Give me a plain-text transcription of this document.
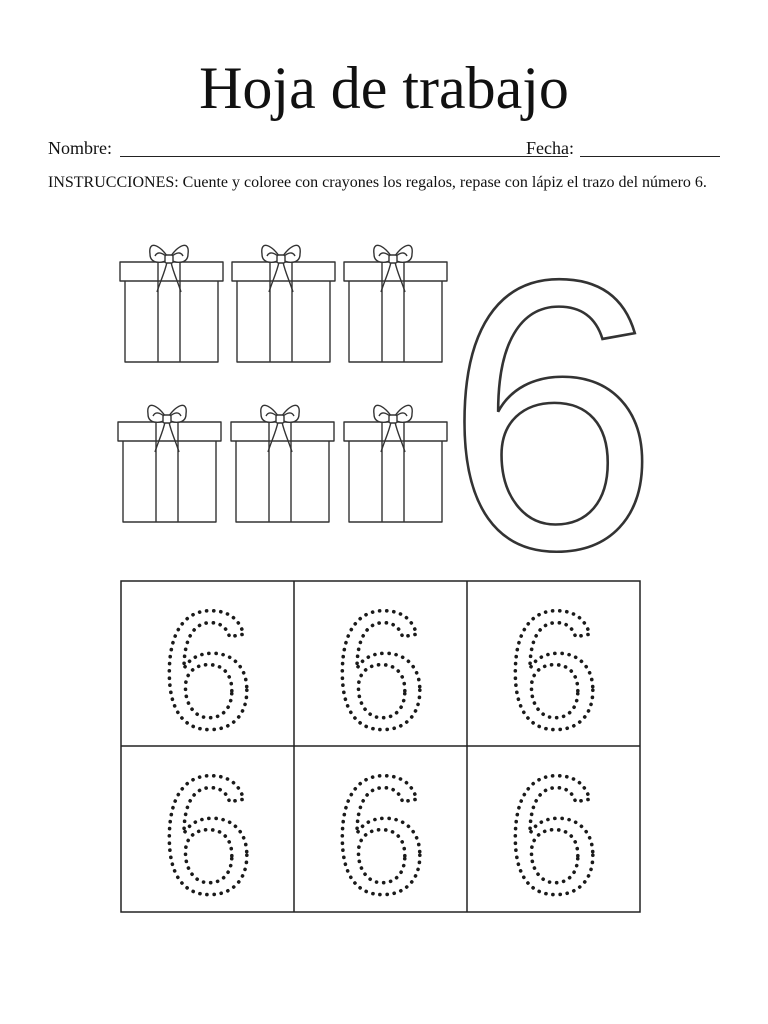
Hoja de trabajo
Nombre:	Fecha:
INSTRUCCIONES: Cuente y coloree con crayones los regalos, repase con lápiz el trazo del número 6.
6
6 6 6
6 6 6
